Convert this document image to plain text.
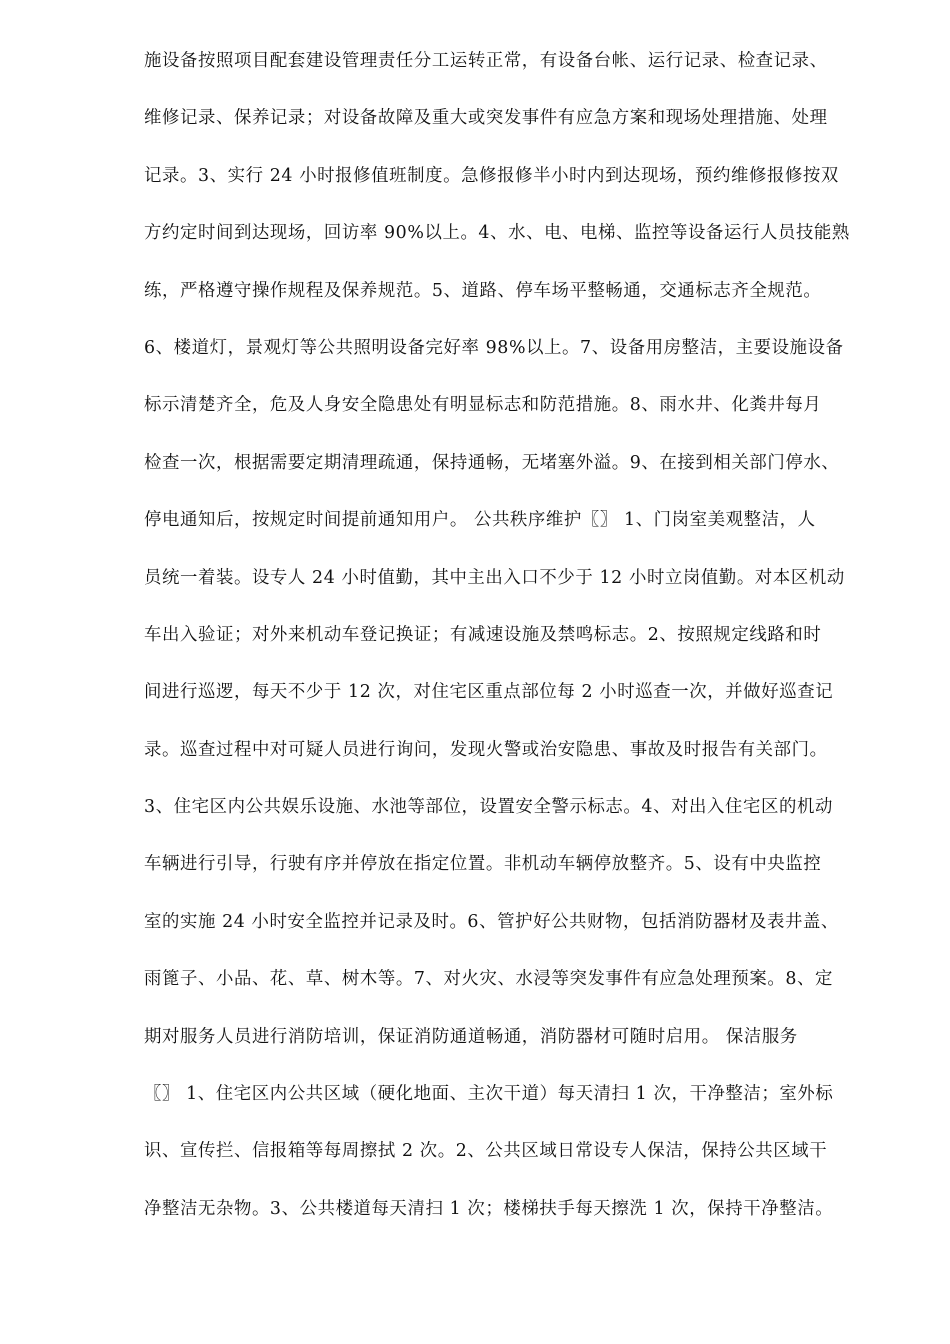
施设备按照项目配套建设管理责任分工运转正常，有设备台帐、运行记录、检查记录、
维修记录、保养记录；对设备故障及重大或突发事件有应急方案和现场处理措施、处理
记录。3、实行 24 小时报修值班制度。急修报修半小时内到达现场，预约维修报修按双
方约定时间到达现场，回访率 90%以上。4、水、电、电梯、监控等设备运行人员技能熟
练，严格遵守操作规程及保养规范。5、道路、停车场平整畅通，交通标志齐全规范。
6、楼道灯，景观灯等公共照明设备完好率 98%以上。7、设备用房整洁，主要设施设备
标示清楚齐全，危及人身安全隐患处有明显标志和防范措施。8、雨水井、化粪井每月
检查一次，根据需要定期清理疏通，保持通畅，无堵塞外溢。9、在接到相关部门停水、
停电通知后，按规定时间提前通知用户。 公共秩序维护〖〗 1、门岗室美观整洁，人
员统一着装。设专人 24 小时值勤，其中主出入口不少于 12 小时立岗值勤。对本区机动
车出入验证；对外来机动车登记换证；有减速设施及禁鸣标志。2、按照规定线路和时
间进行巡逻，每天不少于 12 次，对住宅区重点部位每 2 小时巡查一次，并做好巡查记
录。巡查过程中对可疑人员进行询问，发现火警或治安隐患、事故及时报告有关部门。
3、住宅区内公共娱乐设施、水池等部位，设置安全警示标志。4、对出入住宅区的机动
车辆进行引导，行驶有序并停放在指定位置。非机动车辆停放整齐。5、设有中央监控
室的实施 24 小时安全监控并记录及时。6、管护好公共财物，包括消防器材及表井盖、
雨篦子、小品、花、草、树木等。7、对火灾、水浸等突发事件有应急处理预案。8、定
期对服务人员进行消防培训，保证消防通道畅通，消防器材可随时启用。 保洁服务
〖〗 1、住宅区内公共区域（硬化地面、主次干道）每天清扫 1 次，干净整洁；室外标
识、宣传拦、信报箱等每周擦拭 2 次。2、公共区域日常设专人保洁，保持公共区域干
净整洁无杂物。3、公共楼道每天清扫 1 次；楼梯扶手每天擦洗 1 次，保持干净整洁。
